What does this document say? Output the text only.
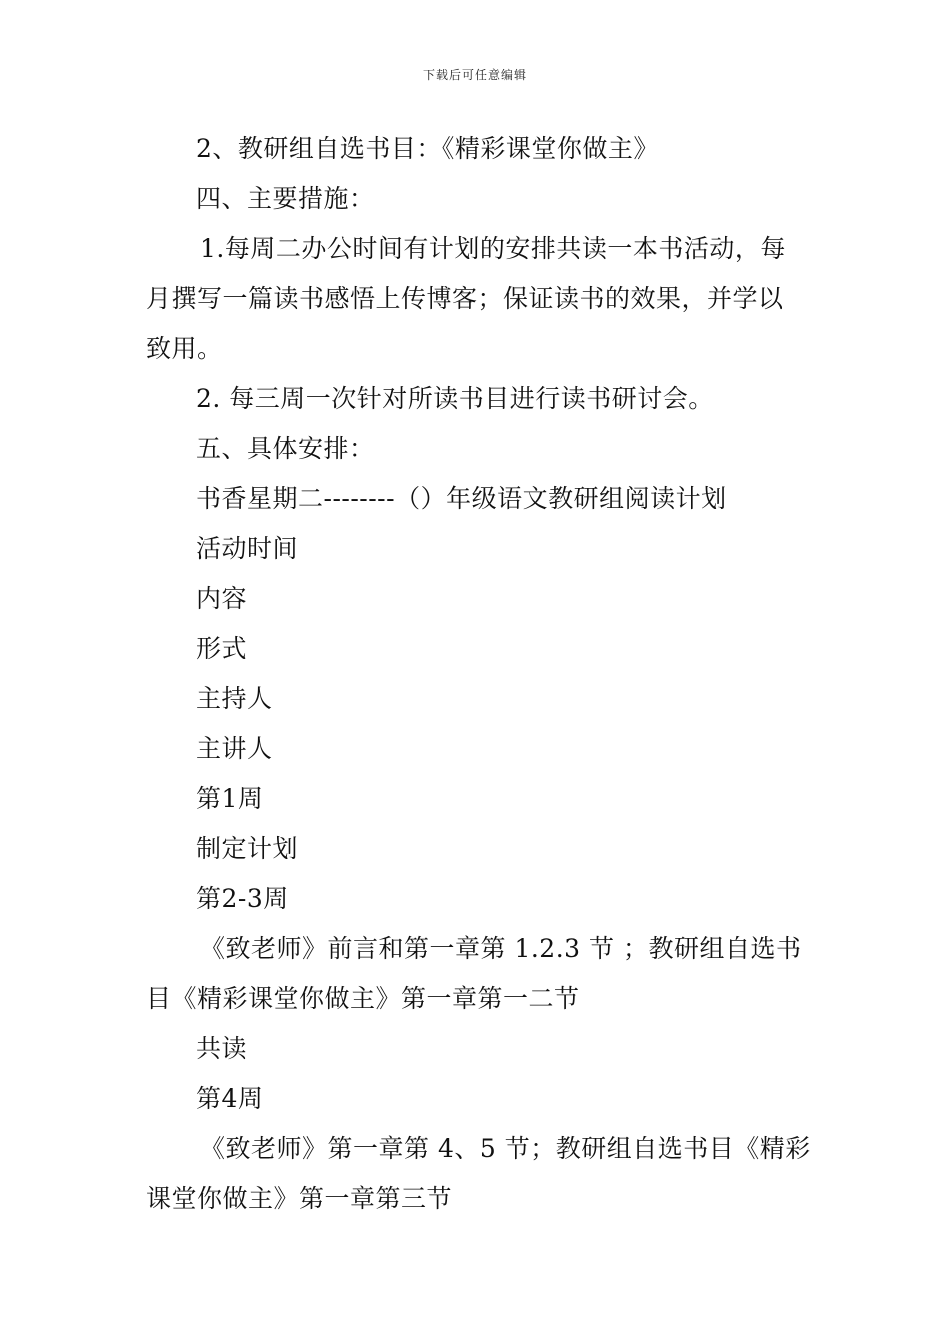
下载后可任意编辑
2、教研组自选书目：《精彩课堂你做主》
四、主要措施：
1.每周二办公时间有计划的安排共读一本书活动，每
月撰写一篇读书感悟上传博客；保证读书的效果，并学以
致用。
2. 每三周一次针对所读书目进行读书研讨会。
五、具体安排：
书香星期二--------（）年级语文教研组阅读计划
活动时间
内容
形式
主持人
主讲人
第1周
制定计划
第2-3周
《致老师》前言和第一章第 1.2.3 节 ；教研组自选书
目《精彩课堂你做主》第一章第一二节
共读
第4周
《致老师》第一章第 4、5 节；教研组自选书目《精彩
课堂你做主》第一章第三节
